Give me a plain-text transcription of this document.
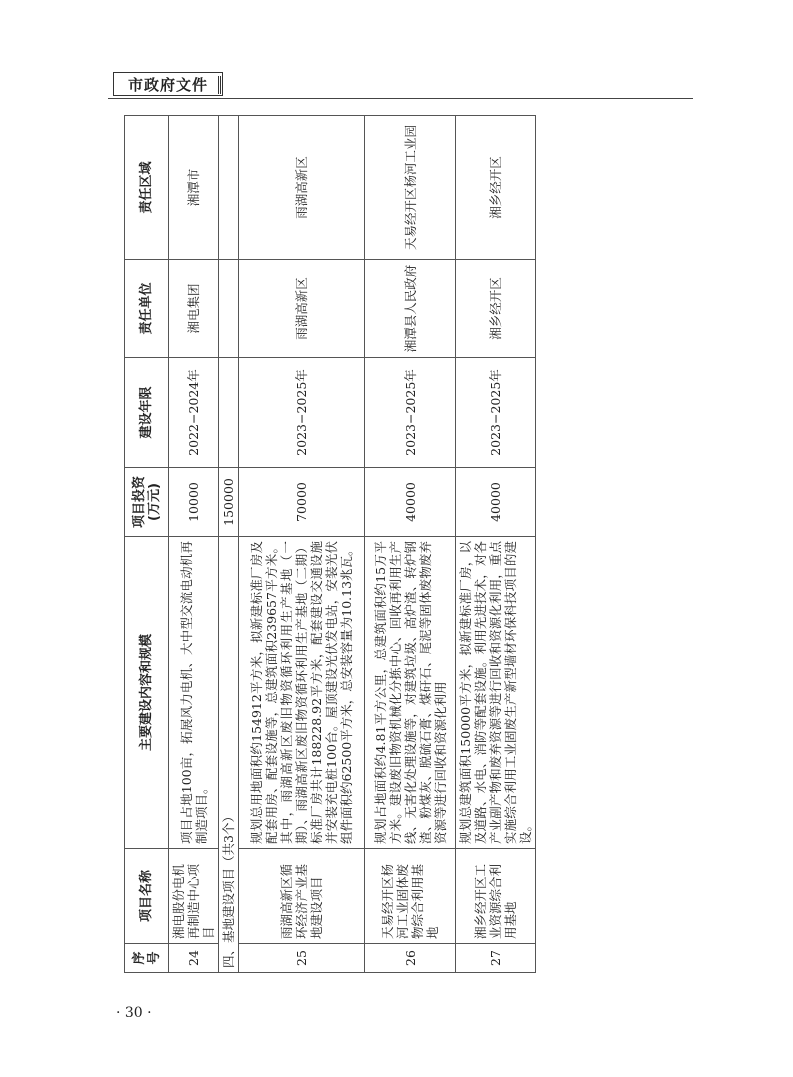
市政府文件
序号	项目名称	主要建设内容和规模	项目投资(万元)	建设年限	责任单位	责任区域
24	湘电股份电机再制造中心项目	项目占地100亩，拓展风力电机、大中型交流电动机再制造项目。	10000	2022−2024年	湘电集团	湘潭市
四、基地建设项目（共3个）			150000			
25	雨湖高新区循环经济产业基地建设项目	规划总用地面积约154912平方米，拟新建标准厂房及配套用房、配套设施等，总建筑面积239657平方米。其中，雨湖高新区废旧物资循环利用生产基地（一期）、雨湖高新区废旧物资循环利用生产基地（二期）标准厂房共计188228.92平方米，配套建设交通设施并安装充电桩100台。屋顶建设光伏发电站，安装光伏组件面积约62500平方米，总安装容量为10.13兆瓦。	70000	2023−2025年	雨湖高新区	雨湖高新区
26	天易经开区杨河工业固体废物综合利用基地	规划占地面积约4.81平方公里，总建筑面积约15万平方米。建设废旧物资机械化分拣中心、回收再利用生产线、无害化处理设施等，对建筑垃圾、高炉渣、转炉钢渣、粉煤灰、脱硫石膏、煤矸石、尾泥等固体废物废弃资源等进行回收和资源化利用	40000	2023−2025年	湘潭县人民政府	天易经开区杨河工业园
27	湘乡经开区工业资源综合利用基地	规划总建筑面积150000平方米，拟新建标准厂房，以及道路、水电、消防等配套设施。利用先进技术，对各产业副产物和废弃资源等进行回收和资源化利用，重点实施综合利用工业固废生产新型墙材环保科技项目的建设。	40000	2023−2025年	湘乡经开区	湘乡经开区
· 30 ·
